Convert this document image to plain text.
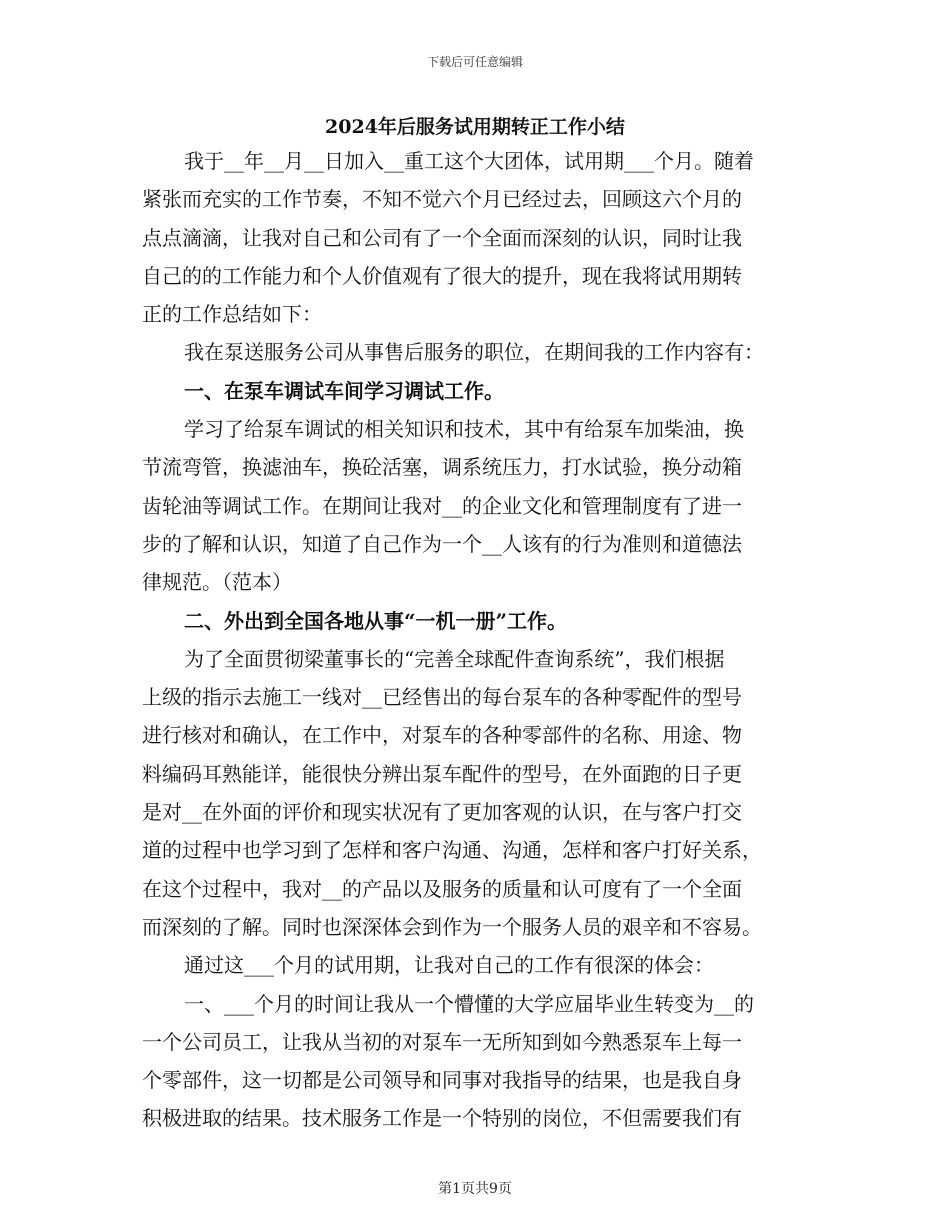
下载后可任意编辑
2024年后服务试用期转正工作小结
我于__年__月__日加入__重工这个大团体，试用期___个月。随着
紧张而充实的工作节奏，不知不觉六个月已经过去，回顾这六个月的
点点滴滴，让我对自己和公司有了一个全面而深刻的认识，同时让我
自己的的工作能力和个人价值观有了很大的提升，现在我将试用期转
正的工作总结如下：
我在泵送服务公司从事售后服务的职位，在期间我的工作内容有：
一、在泵车调试车间学习调试工作。
学习了给泵车调试的相关知识和技术，其中有给泵车加柴油，换
节流弯管，换滤油车，换砼活塞，调系统压力，打水试验，换分动箱
齿轮油等调试工作。在期间让我对__的企业文化和管理制度有了进一
步的了解和认识，知道了自己作为一个__人该有的行为准则和道德法
律规范。（范本）
二、外出到全国各地从事“一机一册”工作。
为了全面贯彻梁董事长的“完善全球配件查询系统”，我们根据
上级的指示去施工一线对__已经售出的每台泵车的各种零配件的型号
进行核对和确认，在工作中，对泵车的各种零部件的名称、用途、物
料编码耳熟能详，能很快分辨出泵车配件的型号，在外面跑的日子更
是对__在外面的评价和现实状况有了更加客观的认识，在与客户打交
道的过程中也学习到了怎样和客户沟通、沟通，怎样和客户打好关系，
在这个过程中，我对__的产品以及服务的质量和认可度有了一个全面
而深刻的了解。同时也深深体会到作为一个服务人员的艰辛和不容易。
通过这___个月的试用期，让我对自己的工作有很深的体会：
一、___个月的时间让我从一个懵懂的大学应届毕业生转变为__的
一个公司员工，让我从当初的对泵车一无所知到如今熟悉泵车上每一
个零部件，这一切都是公司领导和同事对我指导的结果，也是我自身
积极进取的结果。技术服务工作是一个特别的岗位，不但需要我们有
第1页共9页
